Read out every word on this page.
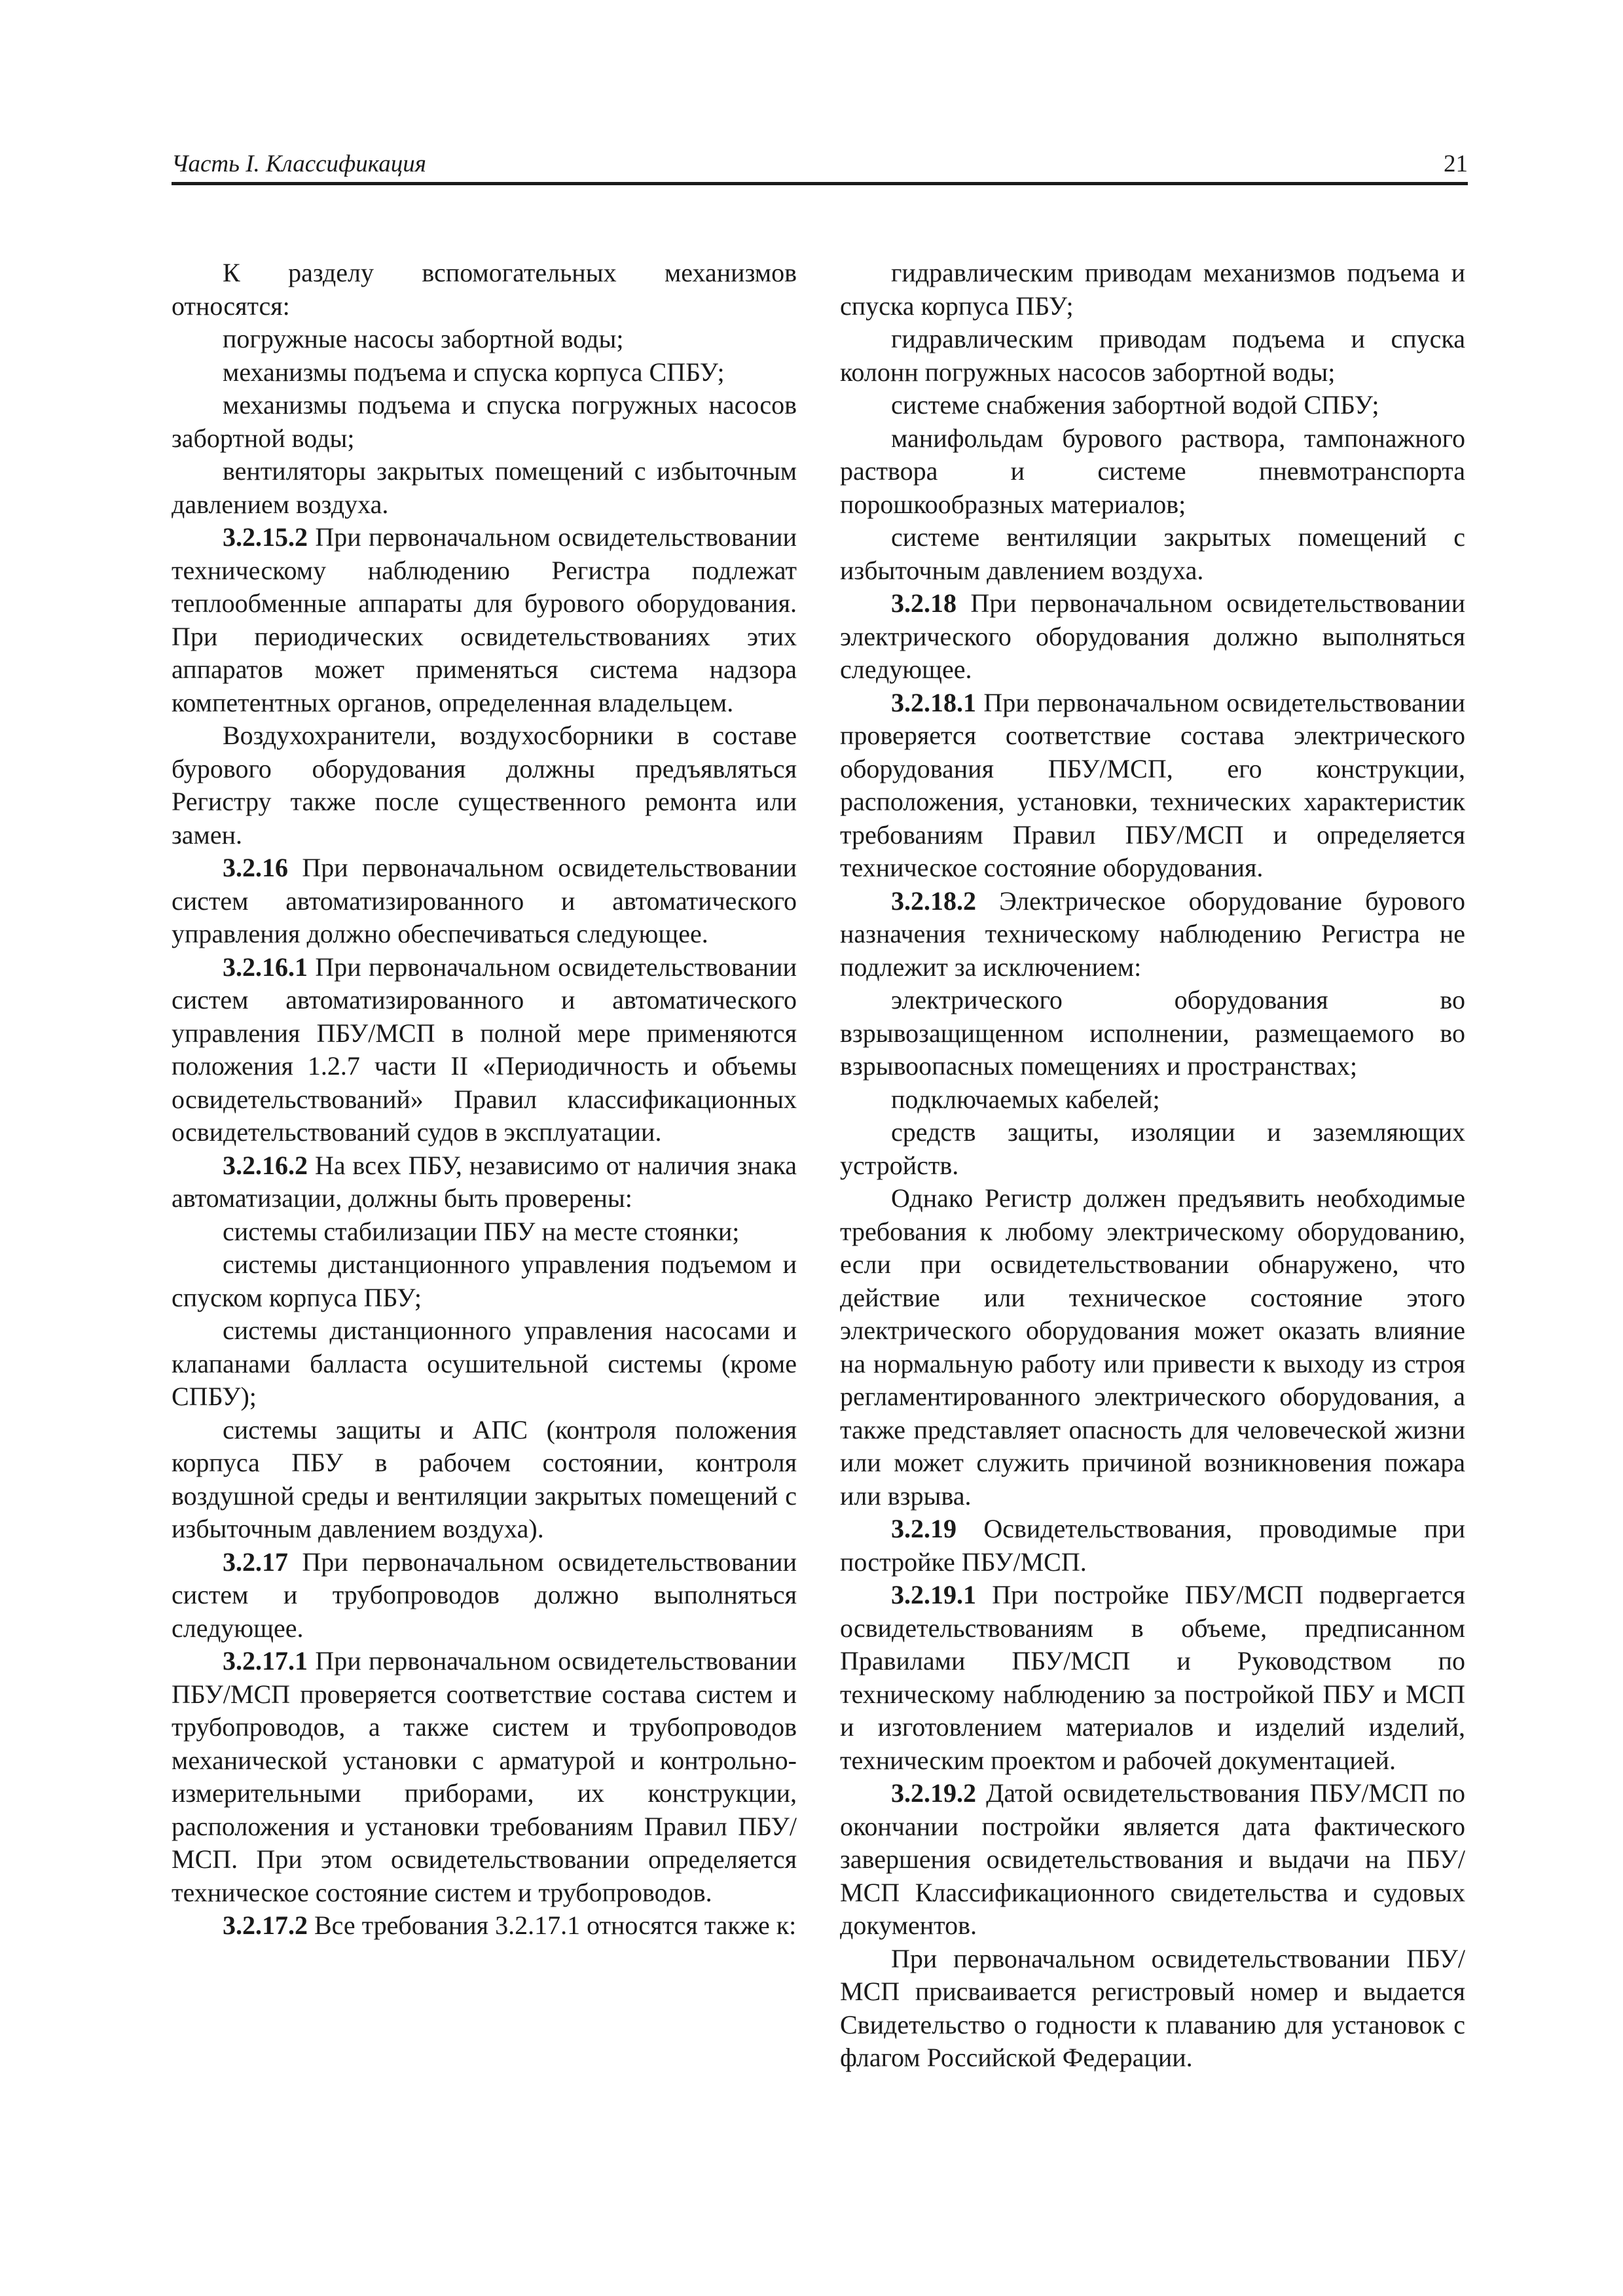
Часть I. Классификация	21

К разделу вспомогательных механизмов относятся:

погружные насосы забортной воды;

механизмы подъема и спуска корпуса СПБУ;

механизмы подъема и спуска погружных насосов забортной воды;

вентиляторы закрытых помещений с избыточным давлением воздуха.

3.2.15.2 При первоначальном освидетельствовании техническому наблюдению Регистра подлежат теплообменные аппараты для бурового оборудования. При периодических освидетельствованиях этих аппаратов может применяться система надзора компетентных органов, определенная владельцем.

Воздухохранители, воздухосборники в составе бурового оборудования должны предъявляться Регистру также после существенного ремонта или замен.

3.2.16 При первоначальном освидетельствовании систем автоматизированного и автоматического управления должно обеспечиваться следующее.

3.2.16.1 При первоначальном освидетельствовании систем автоматизированного и автоматического управления ПБУ/МСП в полной мере применяются положения 1.2.7 части II «Периодичность и объемы освидетельствований» Правил классификационных освидетельствований судов в эксплуатации.

3.2.16.2 На всех ПБУ, независимо от наличия знака автоматизации, должны быть проверены:

системы стабилизации ПБУ на месте стоянки;

системы дистанционного управления подъемом и спуском корпуса ПБУ;

системы дистанционного управления насосами и клапанами балласта осушительной системы (кроме СПБУ);

системы защиты и АПС (контроля положения корпуса ПБУ в рабочем состоянии, контроля воздушной среды и вентиляции закрытых помещений с избыточным давлением воздуха).

3.2.17 При первоначальном освидетельствовании систем и трубопроводов должно выполняться следующее.

3.2.17.1 При первоначальном освидетельствовании ПБУ/МСП проверяется соответствие состава систем и трубопроводов, а также систем и трубопроводов механической установки с арматурой и контрольно-измерительными приборами, их конструкции, расположения и установки требованиям Правил ПБУ/МСП. При этом освидетельствовании определяется техническое состояние систем и трубопроводов.

3.2.17.2 Все требования 3.2.17.1 относятся также к:

гидравлическим приводам механизмов подъема и спуска корпуса ПБУ;

гидравлическим приводам подъема и спуска колонн погружных насосов забортной воды;

системе снабжения забортной водой СПБУ;

манифольдам бурового раствора, тампонажного раствора и системе пневмотранспорта порошкообразных материалов;

системе вентиляции закрытых помещений с избыточным давлением воздуха.

3.2.18 При первоначальном освидетельствовании электрического оборудования должно выполняться следующее.

3.2.18.1 При первоначальном освидетельствовании проверяется соответствие состава электрического оборудования ПБУ/МСП, его конструкции, расположения, установки, технических характеристик требованиям Правил ПБУ/МСП и определяется техническое состояние оборудования.

3.2.18.2 Электрическое оборудование бурового назначения техническому наблюдению Регистра не подлежит за исключением:

электрического оборудования во взрывозащищенном исполнении, размещаемого во взрывоопасных помещениях и пространствах;

подключаемых кабелей;

средств защиты, изоляции и заземляющих устройств.

Однако Регистр должен предъявить необходимые требования к любому электрическому оборудованию, если при освидетельствовании обнаружено, что действие или техническое состояние этого электрического оборудования может оказать влияние на нормальную работу или привести к выходу из строя регламентированного электрического оборудования, а также представляет опасность для человеческой жизни или может служить причиной возникновения пожара или взрыва.

3.2.19 Освидетельствования, проводимые при постройке ПБУ/МСП.

3.2.19.1 При постройке ПБУ/МСП подвергается освидетельствованиям в объеме, предписанном Правилами ПБУ/МСП и Руководством по техническому наблюдению за постройкой ПБУ и МСП и изготовлением материалов и изделий изделий, техническим проектом и рабочей документацией.

3.2.19.2 Датой освидетельствования ПБУ/МСП по окончании постройки является дата фактического завершения освидетельствования и выдачи на ПБУ/МСП Классификационного свидетельства и судовых документов.

При первоначальном освидетельствовании ПБУ/МСП присваивается регистровый номер и выдается Свидетельство о годности к плаванию для установок с флагом Российской Федерации.
